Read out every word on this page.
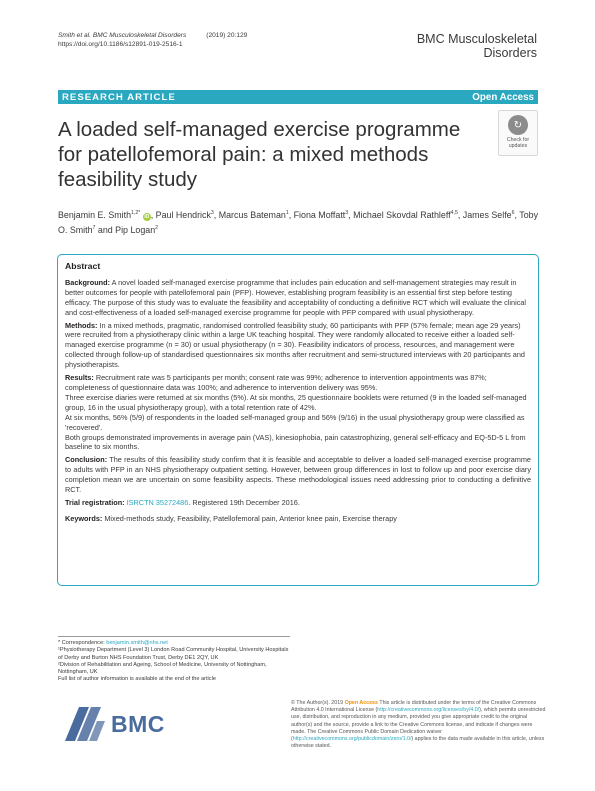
Smith et al. BMC Musculoskeletal Disorders	(2019) 20:129
https://doi.org/10.1186/s12891-019-2516-1	BMC Musculoskeletal
Disorders
RESEARCH ARTICLE	Open Access
A loaded self-managed exercise programme for patellofemoral pain: a mixed methods feasibility study
↻
Check for
updates
Benjamin E. Smith$^{1,2*}$ iD , Paul Hendrick$^3$, Marcus Bateman$^1$, Fiona Moffatt$^3$, Michael Skovdal Rathleff$^{4,5}$, James Selfe$^6$, Toby O. Smith$^7$ and Pip Logan$^2$
Abstract

Background: A novel loaded self-managed exercise programme that includes pain education and self-management strategies may result in better outcomes for people with patellofemoral pain (PFP). However, establishing program feasibility is an essential first step before testing efficacy. The purpose of this study was to evaluate the feasibility and acceptability of conducting a definitive RCT which will evaluate the clinical and cost-effectiveness of a loaded self-managed exercise programme for people with PFP compared with usual physiotherapy.

Methods: In a mixed methods, pragmatic, randomised controlled feasibility study, 60 participants with PFP (57% female; mean age 29 years) were recruited from a physiotherapy clinic within a large UK teaching hospital. They were randomly allocated to receive either a loaded self-managed exercise programme (n = 30) or usual physiotherapy (n = 30). Feasibility indicators of process, resources, and management were collected through follow-up of standardised questionnaires six months after recruitment and semi-structured interviews with 20 participants and physiotherapists.

Results: Recruitment rate was 5 participants per month; consent rate was 99%; adherence to intervention appointments was 87%; completeness of questionnaire data was 100%; and adherence to intervention delivery was 95%.

Three exercise diaries were returned at six months (5%). At six months, 25 questionnaire booklets were returned (9 in the loaded self-managed group, 16 in the usual physiotherapy group), with a total retention rate of 42%.

At six months, 56% (5/9) of respondents in the loaded self-managed group and 56% (9/16) in the usual physiotherapy group were classified as 'recovered'.

Both groups demonstrated improvements in average pain (VAS), kinesiophobia, pain catastrophizing, general self-efficacy and EQ-5D-5 L from baseline to six months.

Conclusion: The results of this feasibility study confirm that it is feasible and acceptable to deliver a loaded self-managed exercise programme to adults with PFP in an NHS physiotherapy outpatient setting. However, between group differences in lost to follow up and poor exercise diary completion mean we are uncertain on some feasibility aspects. These methodological issues need addressing prior to conducting a definitive RCT.

Trial registration: ISRCTN 35272486. Registered 19th December 2016.

Keywords: Mixed-methods study, Feasibility, Patellofemoral pain, Anterior knee pain, Exercise therapy

* Correspondence: benjamin.smith@nhs.net
¹Physiotherapy Department (Level 3) London Road Community Hospital, University Hospitals of Derby and Burton NHS Foundation Trust, Derby DE1 2QY, UK
²Division of Rehabilitation and Ageing, School of Medicine, University of Nottingham, Nottingham, UK
Full list of author information is available at the end of the article
BMC
© The Author(s). 2019 Open Access This article is distributed under the terms of the Creative Commons Attribution 4.0 International License (http://creativecommons.org/licenses/by/4.0/), which permits unrestricted use, distribution, and reproduction in any medium, provided you give appropriate credit to the original author(s) and the source, provide a link to the Creative Commons license, and indicate if changes were made. The Creative Commons Public Domain Dedication waiver (http://creativecommons.org/publicdomain/zero/1.0/) applies to the data made available in this article, unless otherwise stated.
